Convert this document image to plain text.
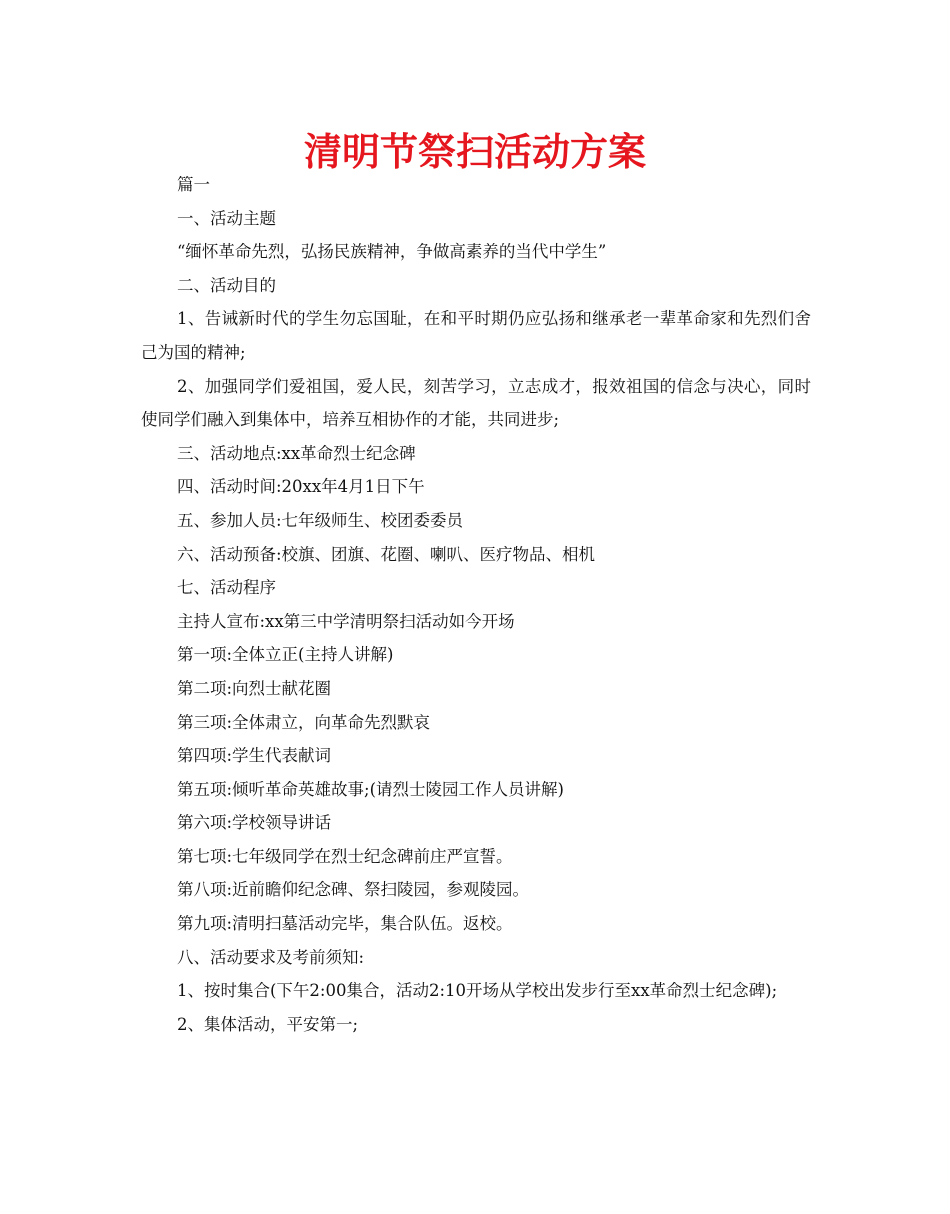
清明节祭扫活动方案

篇一

一、活动主题

“缅怀革命先烈，弘扬民族精神，争做高素养的当代中学生”

二、活动目的

1、告诫新时代的学生勿忘国耻，在和平时期仍应弘扬和继承老一辈革命家和先烈们舍己为国的精神;

2、加强同学们爱祖国，爱人民，刻苦学习，立志成才，报效祖国的信念与决心，同时使同学们融入到集体中，培养互相协作的才能，共同进步;

三、活动地点:xx革命烈士纪念碑

四、活动时间:20xx年4月1日下午

五、参加人员:七年级师生、校团委委员

六、活动预备:校旗、团旗、花圈、喇叭、医疗物品、相机

七、活动程序

主持人宣布:xx第三中学清明祭扫活动如今开场

第一项:全体立正(主持人讲解)

第二项:向烈士献花圈

第三项:全体肃立，向革命先烈默哀

第四项:学生代表献词

第五项:倾听革命英雄故事;(请烈士陵园工作人员讲解)

第六项:学校领导讲话

第七项:七年级同学在烈士纪念碑前庄严宣誓。

第八项:近前瞻仰纪念碑、祭扫陵园，参观陵园。

第九项:清明扫墓活动完毕，集合队伍。返校。

八、活动要求及考前须知:

1、按时集合(下午2:00集合，活动2:10开场从学校出发步行至xx革命烈士纪念碑);

2、集体活动，平安第一;
